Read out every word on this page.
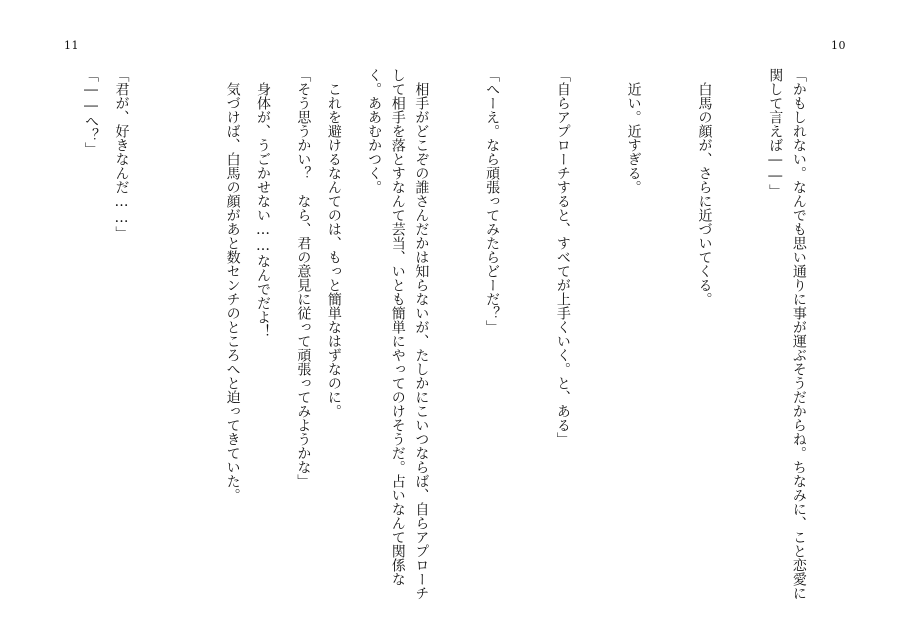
11	10

「かもしれない。なんでも思い通りに事が運ぶそうだからね。ちなみに、こと恋愛に関して言えば――」

　白馬の顔が、さらに近づいてくる。

　近い。近すぎる。

「自らアプローチすると、すべてが上手くいく。と、ある」

「へーえ。なら頑張ってみたらどーだ？」

　相手がどこぞの誰さんだかは知らないが、たしかにこいつならば、自らアプローチして相手を落とすなんて芸当、いとも簡単にやってのけそうだ。占いなんて関係なく。ああむかつく。

「そう思うかい？　なら、君の意見に従って頑張ってみようかな」

　気づけば、白馬の顔があと数センチのところへと迫ってきていた。

「――へ？」

	　これを避けるなんてのは、もっと簡単なはずなのに。

　身体が、うごかせない……なんでだよ！

「君が、好きなんだ……」
